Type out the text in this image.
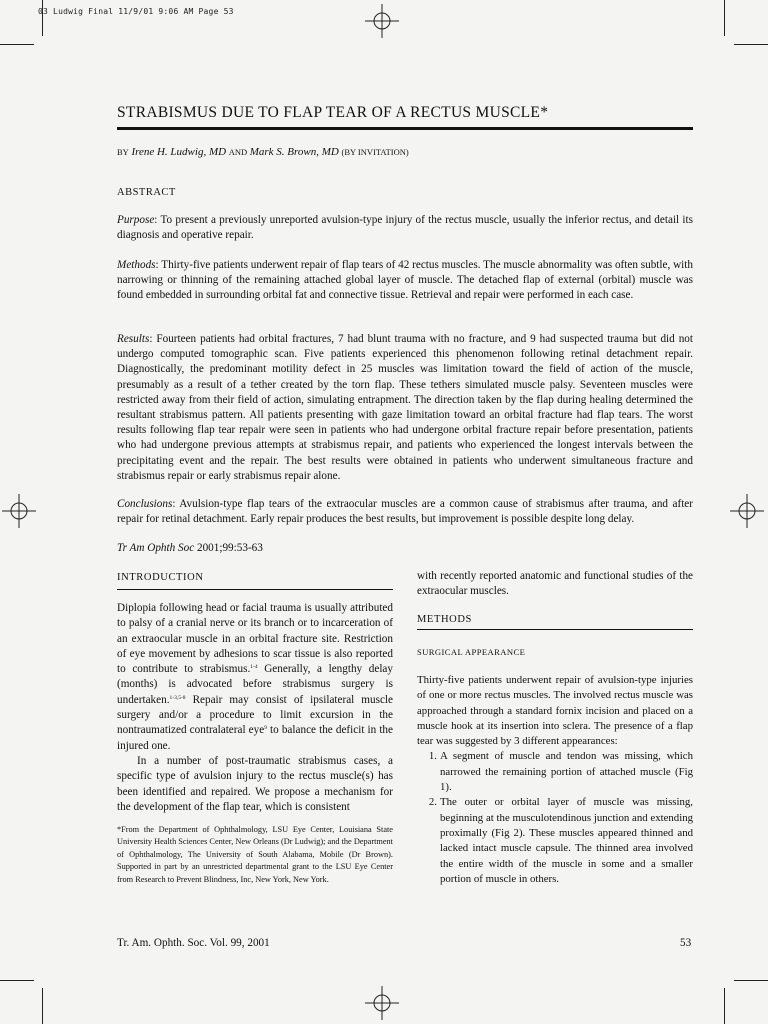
03 Ludwig Final 11/9/01 9:06 AM Page 53
STRABISMUS DUE TO FLAP TEAR OF A RECTUS MUSCLE*
BY Irene H. Ludwig, MD AND Mark S. Brown, MD (BY INVITATION)
ABSTRACT
Purpose: To present a previously unreported avulsion-type injury of the rectus muscle, usually the inferior rectus, and detail its diagnosis and operative repair.
Methods: Thirty-five patients underwent repair of flap tears of 42 rectus muscles. The muscle abnormality was often subtle, with narrowing or thinning of the remaining attached global layer of muscle. The detached flap of external (orbital) muscle was found embedded in surrounding orbital fat and connective tissue. Retrieval and repair were performed in each case.
Results: Fourteen patients had orbital fractures, 7 had blunt trauma with no fracture, and 9 had suspected trauma but did not undergo computed tomographic scan. Five patients experienced this phenomenon following retinal detachment repair. Diagnostically, the predominant motility defect in 25 muscles was limitation toward the field of action of the muscle, presumably as a result of a tether created by the torn flap. These tethers simulated muscle palsy. Seventeen muscles were restricted away from their field of action, simulating entrapment. The direction taken by the flap during healing determined the resultant strabismus pattern. All patients presenting with gaze limitation toward an orbital fracture had flap tears. The worst results following flap tear repair were seen in patients who had undergone orbital fracture repair before presentation, patients who had undergone previous attempts at strabismus repair, and patients who experienced the longest intervals between the precipitating event and the repair. The best results were obtained in patients who underwent simultaneous fracture and strabismus repair or early strabismus repair alone.
Conclusions: Avulsion-type flap tears of the extraocular muscles are a common cause of strabismus after trauma, and after repair for retinal detachment. Early repair produces the best results, but improvement is possible despite long delay.
Tr Am Ophth Soc 2001;99:53-63
INTRODUCTION
Diplopia following head or facial trauma is usually attributed to palsy of a cranial nerve or its branch or to incarceration of an extraocular muscle in an orbital fracture site. Restriction of eye movement by adhesions to scar tissue is also reported to contribute to strabismus.$^{1-4}$ Generally, a lengthy delay (months) is advocated before strabismus surgery is undertaken.$^{1-3,5-8}$ Repair may consist of ipsilateral muscle surgery and/or a procedure to limit excursion in the nontraumatized contralateral eye$^9$ to balance the deficit in the injured one.
In a number of post-traumatic strabismus cases, a specific type of avulsion injury to the rectus muscle(s) has been identified and repaired. We propose a mechanism for the development of the flap tear, which is consistent
*From the Department of Ophthalmology, LSU Eye Center, Louisiana State University Health Sciences Center, New Orleans (Dr Ludwig); and the Department of Ophthalmology, The University of South Alabama, Mobile (Dr Brown). Supported in part by an unrestricted departmental grant to the LSU Eye Center from Research to Prevent Blindness, Inc, New York, New York.
with recently reported anatomic and functional studies of the extraocular muscles.
METHODS
SURGICAL APPEARANCE
Thirty-five patients underwent repair of avulsion-type injuries of one or more rectus muscles. The involved rectus muscle was approached through a standard fornix incision and placed on a muscle hook at its insertion into sclera. The presence of a flap tear was suggested by 3 different appearances:
1. A segment of muscle and tendon was missing, which narrowed the remaining portion of attached muscle (Fig 1).
2. The outer or orbital layer of muscle was missing, beginning at the musculotendinous junction and extending proximally (Fig 2). These muscles appeared thinned and lacked intact muscle capsule. The thinned area involved the entire width of the muscle in some and a smaller portion of muscle in others.
Tr. Am. Ophth. Soc. Vol. 99, 2001	53
